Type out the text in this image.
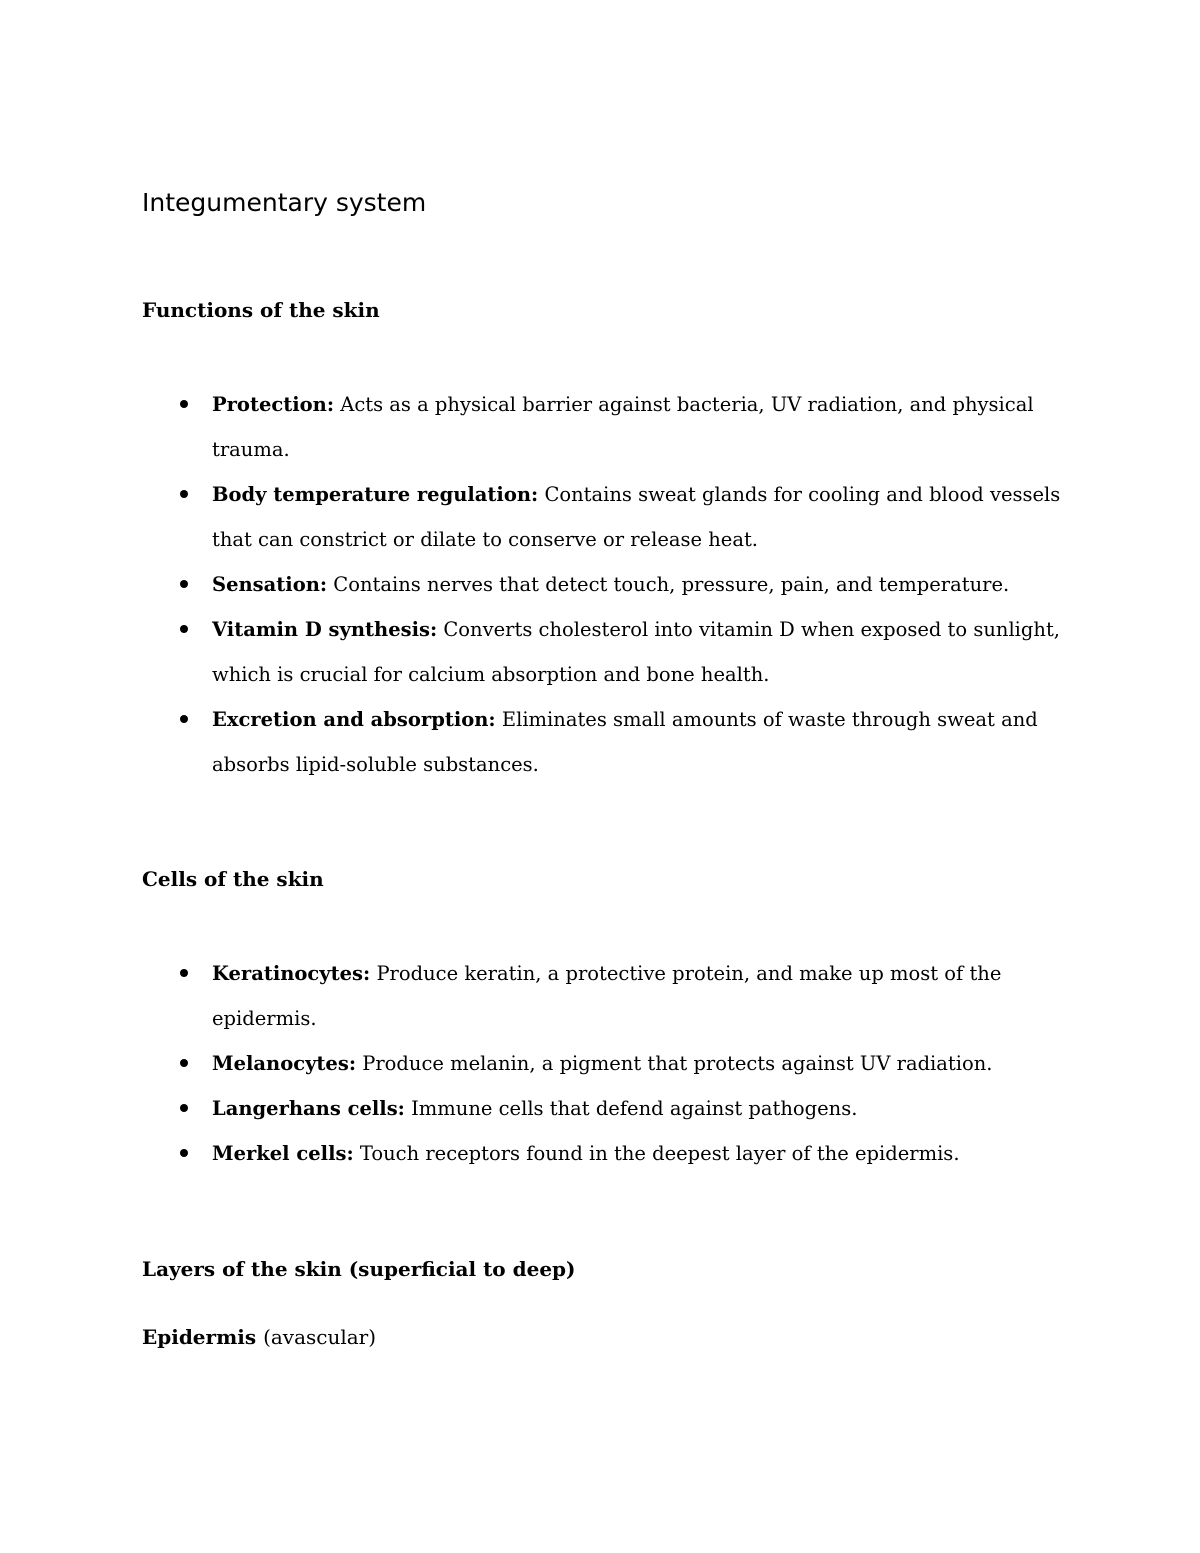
Integumentary system
Functions of the skin
Protection: Acts as a physical barrier against bacteria, UV radiation, and physical trauma.
Body temperature regulation: Contains sweat glands for cooling and blood vessels that can constrict or dilate to conserve or release heat.
Sensation: Contains nerves that detect touch, pressure, pain, and temperature.
Vitamin D synthesis: Converts cholesterol into vitamin D when exposed to sunlight, which is crucial for calcium absorption and bone health.
Excretion and absorption: Eliminates small amounts of waste through sweat and absorbs lipid-soluble substances.
Cells of the skin
Keratinocytes: Produce keratin, a protective protein, and make up most of the epidermis.
Melanocytes: Produce melanin, a pigment that protects against UV radiation.
Langerhans cells: Immune cells that defend against pathogens.
Merkel cells: Touch receptors found in the deepest layer of the epidermis.
Layers of the skin (superficial to deep)
Epidermis (avascular)
